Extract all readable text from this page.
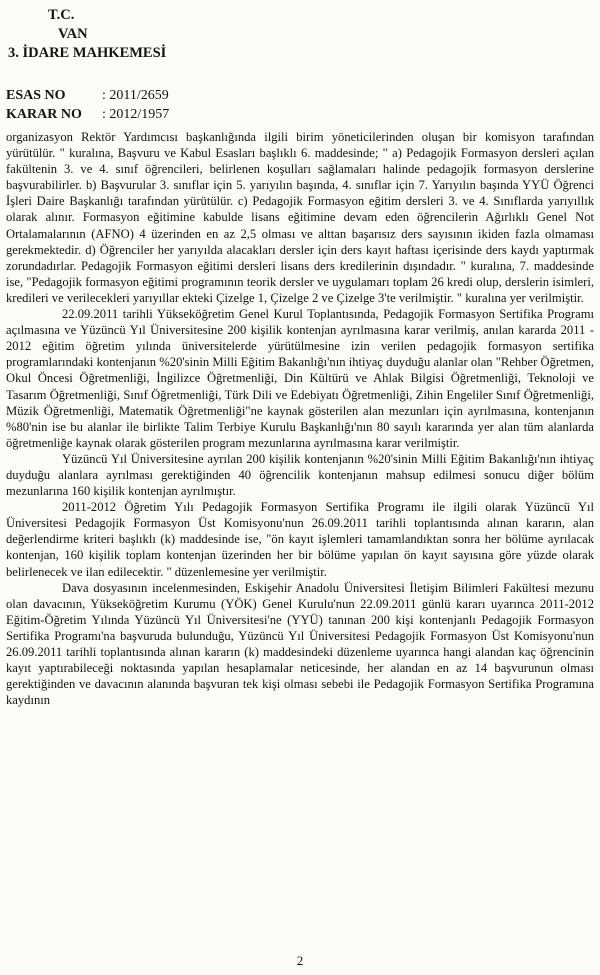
T.C.
VAN
3. İDARE MAHKEMESİ
ESAS NO	: 2011/2659
KARAR NO	: 2012/1957

organizasyon Rektör Yardımcısı başkanlığında ilgili birim yöneticilerinden oluşan bir komisyon tarafından yürütülür. " kuralına, Başvuru ve Kabul Esasları başlıklı 6. maddesinde; " a) Pedagojik Formasyon dersleri açılan fakültenin 3. ve 4. sınıf öğrencileri, belirlenen koşulları sağlamaları halinde pedagojik formasyon derslerine başvurabilirler. b) Başvurular 3. sınıflar için 5. yarıyılın başında, 4. sınıflar için 7. Yarıyılın başında YYÜ Öğrenci İşleri Daire Başkanlığı tarafından yürütülür. c) Pedagojik Formasyon eğitim dersleri 3. ve 4. Sınıflarda yarıyıllık olarak alınır. Formasyon eğitimine kabulde lisans eğitimine devam eden öğrencilerin Ağırlıklı Genel Not Ortalamalarının (AFNO) 4 üzerinden en az 2,5 olması ve alttan başarısız ders sayısının ikiden fazla olmaması gerekmektedir. d) Öğrenciler her yarıyılda alacakları dersler için ders kayıt haftası içerisinde ders kaydı yaptırmak zorundadırlar. Pedagojik Formasyon eğitimi dersleri lisans ders kredilerinin dışındadır. " kuralına, 7. maddesinde ise, "Pedagojik formasyon eğitimi programının teorik dersler ve uygulamarı toplam 26 kredi olup, derslerin isimleri, kredileri ve verilecekleri yarıyıllar ekteki Çizelge 1, Çizelge 2 ve Çizelge 3'te verilmiştir. " kuralına yer verilmiştir.

22.09.2011 tarihli Yükseköğretim Genel Kurul Toplantısında, Pedagojik Formasyon Sertifika Programı açılmasına ve Yüzüncü Yıl Üniversitesine 200 kişilik kontenjan ayrılmasına karar verilmiş, anılan kararda 2011 - 2012 eğitim öğretim yılında üniversitelerde yürütülmesine izin verilen pedagojik formasyon sertifika programlarındaki kontenjanın %20'sinin Milli Eğitim Bakanlığı'nın ihtiyaç duyduğu alanlar olan "Rehber Öğretmen, Okul Öncesi Öğretmenliği, İngilizce Öğretmenliği, Din Kültürü ve Ahlak Bilgisi Öğretmenliği, Teknoloji ve Tasarım Öğretmenliği, Sınıf Öğretmenliği, Türk Dili ve Edebiyatı Öğretmenliği, Zihin Engeliler Sınıf Öğretmenliği, Müzik Öğretmenliği, Matematik Öğretmenliği"ne kaynak gösterilen alan mezunları için ayrılmasına, kontenjanın %80'nin ise bu alanlar ile birlikte Talim Terbiye Kurulu Başkanlığı'nın 80 sayılı kararında yer alan tüm alanlarda öğretmenliğe kaynak olarak gösterilen program mezunlarına ayrılmasına karar verilmiştir.

Yüzüncü Yıl Üniversitesine ayrılan 200 kişilik kontenjanın %20'sinin Milli Eğitim Bakanlığı'nın ihtiyaç duyduğu alanlara ayrılması gerektiğinden 40 öğrencilik kontenjanın mahsup edilmesi sonucu diğer bölüm mezunlarına 160 kişilik kontenjan ayrılmıştır.

2011-2012 Öğretim Yılı Pedagojik Formasyon Sertifika Programı ile ilgili olarak Yüzüncü Yıl Üniversitesi Pedagojik Formasyon Üst Komisyonu'nun 26.09.2011 tarihli toplantısında alınan kararın, alan değerlendirme kriteri başlıklı (k) maddesinde ise, "ön kayıt işlemleri tamamlandıktan sonra her bölüme ayrılacak kontenjan, 160 kişilik toplam kontenjan üzerinden her bir bölüme yapılan ön kayıt sayısına göre yüzde olarak belirlenecek ve ilan edilecektir. " düzenlemesine yer verilmiştir.

Dava dosyasının incelenmesinden, Eskişehir Anadolu Üniversitesi İletişim Bilimleri Fakültesi mezunu olan davacının, Yükseköğretim Kurumu (YÖK) Genel Kurulu'nun 22.09.2011 günlü kararı uyarınca 2011-2012 Eğitim-Öğretim Yılında Yüzüncü Yıl Üniversitesi'ne (YYÜ) tanınan 200 kişi kontenjanlı Pedagojik Formasyon Sertifika Programı'na başvuruda bulunduğu, Yüzüncü Yıl Üniversitesi Pedagojik Formasyon Üst Komisyonu'nun 26.09.2011 tarihli toplantısında alınan kararın (k) maddesindeki düzenleme uyarınca hangi alandan kaç öğrencinin kayıt yaptırabileceği noktasında yapılan hesaplamalar neticesinde, her alandan en az 14 başvurunun olması gerektiğinden ve davacının alanında başvuran tek kişi olması sebebi ile Pedagojik Formasyon Sertifika Programına kaydının

2
